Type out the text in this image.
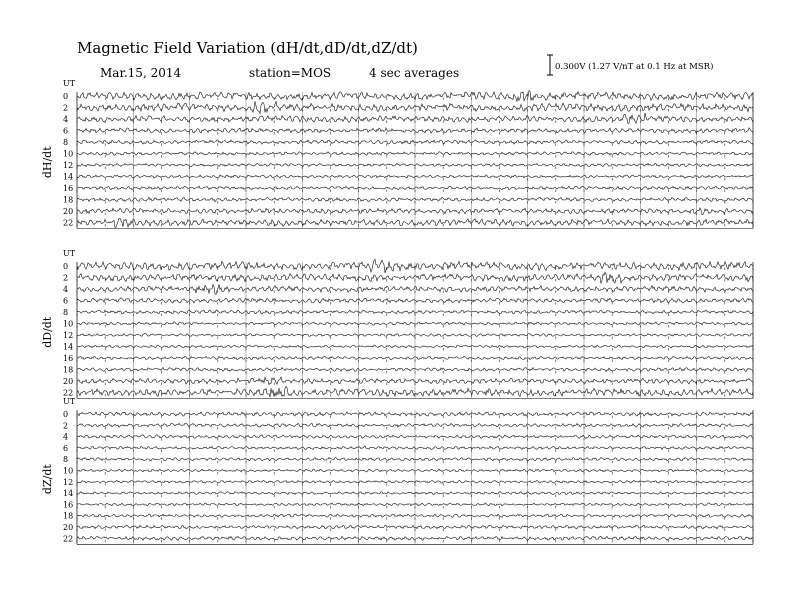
Magnetic Field Variation (dH/dt,dD/dt,dZ/dt)
Mar.15, 2014	station=MOS	4 sec averages	0.300V (1.27 V/nT at 0.1 Hz at MSR)
UT
dH/dt
0
2
4
6
8
10
12
14
16
18
20
22
UT
dD/dt
0
2
4
6
8
10
12
14
16
18
20
22
UT
dZ/dt
0
2
4
6
8
10
12
14
16
18
20
22
